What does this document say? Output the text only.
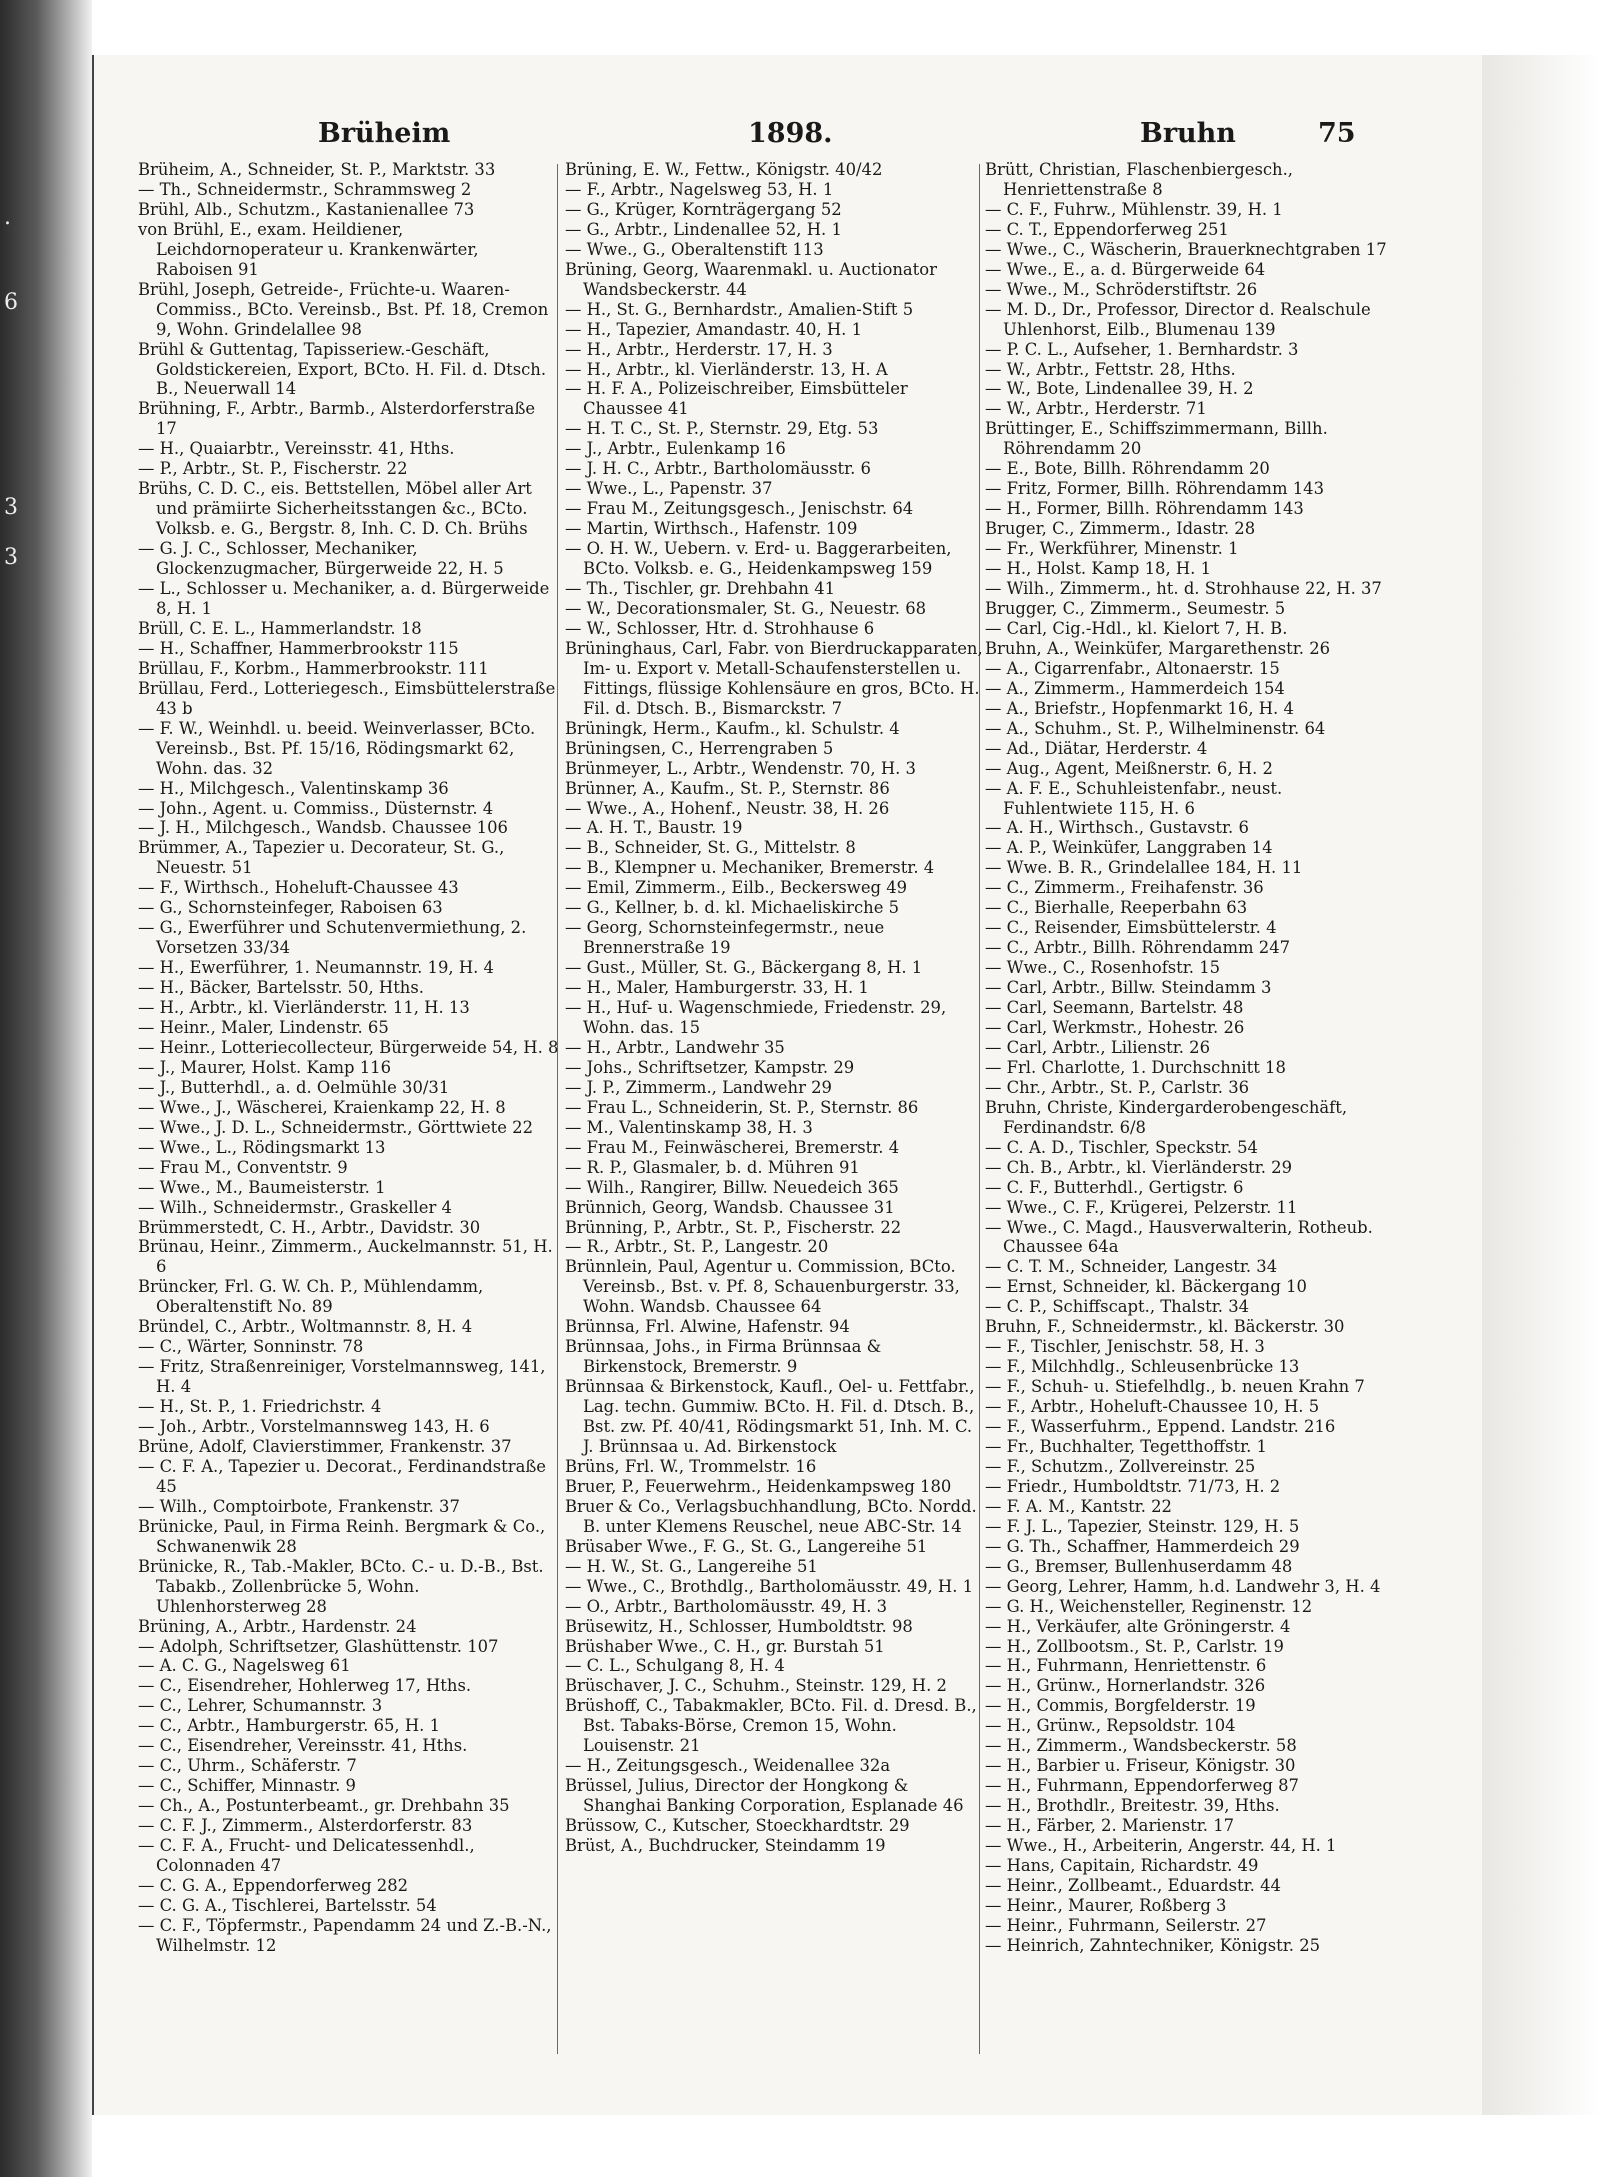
.
6
3
3
Brüheim	1898.	Bruhn	75

Brüheim, A., Schneider, St. P., Marktstr. 33

— Th., Schneidermstr., Schrammsweg 2

Brühl, Alb., Schutzm., Kastanienallee 73

von Brühl, E., exam. Heildiener, Leichdornoperateur u. Krankenwärter, Raboisen 91

Brühl, Joseph, Getreide-, Früchte-u. Waaren-Commiss., BCto. Vereinsb., Bst. Pf. 18, Cremon 9, Wohn. Grindelallee 98

Brühl & Guttentag, Tapisseriew.-Geschäft, Goldstickereien, Export, BCto. H. Fil. d. Dtsch. B., Neuerwall 14

Brühning, F., Arbtr., Barmb., Alsterdorferstraße 17

— H., Quaiarbtr., Vereinsstr. 41, Hths.

— P., Arbtr., St. P., Fischerstr. 22

Brühs, C. D. C., eis. Bettstellen, Möbel aller Art und prämiirte Sicherheitsstangen &c., BCto. Volksb. e. G., Bergstr. 8, Inh. C. D. Ch. Brühs

— G. J. C., Schlosser, Mechaniker, Glockenzugmacher, Bürgerweide 22, H. 5

— L., Schlosser u. Mechaniker, a. d. Bürgerweide 8, H. 1

Brüll, C. E. L., Hammerlandstr. 18

— H., Schaffner, Hammerbrookstr 115

Brüllau, F., Korbm., Hammerbrookstr. 111

Brüllau, Ferd., Lotteriegesch., Eimsbüttelerstraße 43 b

— F. W., Weinhdl. u. beeid. Weinverlasser, BCto. Vereinsb., Bst. Pf. 15/16, Rödingsmarkt 62, Wohn. das. 32

— H., Milchgesch., Valentinskamp 36

— John., Agent. u. Commiss., Düsternstr. 4

— J. H., Milchgesch., Wandsb. Chaussee 106

Brümmer, A., Tapezier u. Decorateur, St. G., Neuestr. 51

— F., Wirthsch., Hoheluft-Chaussee 43

— G., Schornsteinfeger, Raboisen 63

— G., Ewerführer und Schutenvermiethung, 2. Vorsetzen 33/34

— H., Ewerführer, 1. Neumannstr. 19, H. 4

— H., Bäcker, Bartelsstr. 50, Hths.

— H., Arbtr., kl. Vierländerstr. 11, H. 13

— Heinr., Maler, Lindenstr. 65

— Heinr., Lotteriecollecteur, Bürgerweide 54, H. 8

— J., Maurer, Holst. Kamp 116

— J., Butterhdl., a. d. Oelmühle 30/31

— Wwe., J., Wäscherei, Kraienkamp 22, H. 8

— Wwe., J. D. L., Schneidermstr., Görttwiete 22

— Wwe., L., Rödingsmarkt 13

— Frau M., Conventstr. 9

— Wwe., M., Baumeisterstr. 1

— Wilh., Schneidermstr., Graskeller 4

Brümmerstedt, C. H., Arbtr., Davidstr. 30

Brünau, Heinr., Zimmerm., Auckelmannstr. 51, H. 6

Brüncker, Frl. G. W. Ch. P., Mühlendamm, Oberaltenstift No. 89

Bründel, C., Arbtr., Woltmannstr. 8, H. 4

— C., Wärter, Sonninstr. 78

— Fritz, Straßenreiniger, Vorstelmannsweg, 141, H. 4

— H., St. P., 1. Friedrichstr. 4

— Joh., Arbtr., Vorstelmannsweg 143, H. 6

Brüne, Adolf, Clavierstimmer, Frankenstr. 37

— C. F. A., Tapezier u. Decorat., Ferdinandstraße 45

— Wilh., Comptoirbote, Frankenstr. 37

Brünicke, Paul, in Firma Reinh. Bergmark & Co., Schwanenwik 28

Brünicke, R., Tab.-Makler, BCto. C.- u. D.-B., Bst. Tabakb., Zollenbrücke 5, Wohn. Uhlenhorsterweg 28

Brüning, A., Arbtr., Hardenstr. 24

— Adolph, Schriftsetzer, Glashüttenstr. 107

— A. C. G., Nagelsweg 61

— C., Eisendreher, Hohlerweg 17, Hths.

— C., Lehrer, Schumannstr. 3

— C., Arbtr., Hamburgerstr. 65, H. 1

— C., Eisendreher, Vereinsstr. 41, Hths.

— C., Uhrm., Schäferstr. 7

— C., Schiffer, Minnastr. 9

— Ch., A., Postunterbeamt., gr. Drehbahn 35

— C. F. J., Zimmerm., Alsterdorferstr. 83

— C. F. A., Frucht- und Delicatessenhdl., Colonnaden 47

— C. G. A., Eppendorferweg 282

— C. G. A., Tischlerei, Bartelsstr. 54

— C. F., Töpfermstr., Papendamm 24 und Z.-B.-N., Wilhelmstr. 12

Brüning, E. W., Fettw., Königstr. 40/42

— F., Arbtr., Nagelsweg 53, H. 1

— G., Krüger, Kornträgergang 52

— G., Arbtr., Lindenallee 52, H. 1

— Wwe., G., Oberaltenstift 113

Brüning, Georg, Waarenmakl. u. Auctionator Wandsbeckerstr. 44

— H., St. G., Bernhardstr., Amalien-Stift 5

— H., Tapezier, Amandastr. 40, H. 1

— H., Arbtr., Herderstr. 17, H. 3

— H., Arbtr., kl. Vierländerstr. 13, H. A

— H. F. A., Polizeischreiber, Eimsbütteler Chaussee 41

— H. T. C., St. P., Sternstr. 29, Etg. 53

— J., Arbtr., Eulenkamp 16

— J. H. C., Arbtr., Bartholomäusstr. 6

— Wwe., L., Papenstr. 37

— Frau M., Zeitungsgesch., Jenischstr. 64

— Martin, Wirthsch., Hafenstr. 109

— O. H. W., Uebern. v. Erd- u. Baggerarbeiten, BCto. Volksb. e. G., Heidenkampsweg 159

— Th., Tischler, gr. Drehbahn 41

— W., Decorationsmaler, St. G., Neuestr. 68

— W., Schlosser, Htr. d. Strohhause 6

Brüninghaus, Carl, Fabr. von Bierdruckapparaten, Im- u. Export v. Metall-Schaufensterstellen u. Fittings, flüssige Kohlensäure en gros, BCto. H. Fil. d. Dtsch. B., Bismarckstr. 7

Brüningk, Herm., Kaufm., kl. Schulstr. 4

Brüningsen, C., Herrengraben 5

Brünmeyer, L., Arbtr., Wendenstr. 70, H. 3

Brünner, A., Kaufm., St. P., Sternstr. 86

— Wwe., A., Hohenf., Neustr. 38, H. 26

— A. H. T., Baustr. 19

— B., Schneider, St. G., Mittelstr. 8

— B., Klempner u. Mechaniker, Bremerstr. 4

— Emil, Zimmerm., Eilb., Beckersweg 49

— G., Kellner, b. d. kl. Michaeliskirche 5

— Georg, Schornsteinfegermstr., neue Brennerstraße 19

— Gust., Müller, St. G., Bäckergang 8, H. 1

— H., Maler, Hamburgerstr. 33, H. 1

— H., Huf- u. Wagenschmiede, Friedenstr. 29, Wohn. das. 15

— H., Arbtr., Landwehr 35

— Johs., Schriftsetzer, Kampstr. 29

— J. P., Zimmerm., Landwehr 29

— Frau L., Schneiderin, St. P., Sternstr. 86

— M., Valentinskamp 38, H. 3

— Frau M., Feinwäscherei, Bremerstr. 4

— R. P., Glasmaler, b. d. Mühren 91

— Wilh., Rangirer, Billw. Neuedeich 365

Brünnich, Georg, Wandsb. Chaussee 31

Brünning, P., Arbtr., St. P., Fischerstr. 22

— R., Arbtr., St. P., Langestr. 20

Brünnlein, Paul, Agentur u. Commission, BCto. Vereinsb., Bst. v. Pf. 8, Schauenburgerstr. 33, Wohn. Wandsb. Chaussee 64

Brünnsa, Frl. Alwine, Hafenstr. 94

Brünnsaa, Johs., in Firma Brünnsaa & Birkenstock, Bremerstr. 9

Brünnsaa & Birkenstock, Kaufl., Oel- u. Fettfabr., Lag. techn. Gummiw. BCto. H. Fil. d. Dtsch. B., Bst. zw. Pf. 40/41, Rödingsmarkt 51, Inh. M. C. J. Brünnsaa u. Ad. Birkenstock

Brüns, Frl. W., Trommelstr. 16

Bruer, P., Feuerwehrm., Heidenkampsweg 180

Bruer & Co., Verlagsbuchhandlung, BCto. Nordd. B. unter Klemens Reuschel, neue ABC-Str. 14

Brüsaber Wwe., F. G., St. G., Langereihe 51

— H. W., St. G., Langereihe 51

— Wwe., C., Brothdlg., Bartholomäusstr. 49, H. 1

— O., Arbtr., Bartholomäusstr. 49, H. 3

Brüsewitz, H., Schlosser, Humboldtstr. 98

Brüshaber Wwe., C. H., gr. Burstah 51

— C. L., Schulgang 8, H. 4

Brüschaver, J. C., Schuhm., Steinstr. 129, H. 2

Brüshoff, C., Tabakmakler, BCto. Fil. d. Dresd. B., Bst. Tabaks-Börse, Cremon 15, Wohn. Louisenstr. 21

— H., Zeitungsgesch., Weidenallee 32a

Brüssel, Julius, Director der Hongkong & Shanghai Banking Corporation, Esplanade 46

Brüssow, C., Kutscher, Stoeckhardtstr. 29

Brüst, A., Buchdrucker, Steindamm 19

Brütt, Christian, Flaschenbiergesch., Henriettenstraße 8

— C. F., Fuhrw., Mühlenstr. 39, H. 1

— C. T., Eppendorferweg 251

— Wwe., C., Wäscherin, Brauerknechtgraben 17

— Wwe., E., a. d. Bürgerweide 64

— Wwe., M., Schröderstiftstr. 26

— M. D., Dr., Professor, Director d. Realschule Uhlenhorst, Eilb., Blumenau 139

— P. C. L., Aufseher, 1. Bernhardstr. 3

— W., Arbtr., Fettstr. 28, Hths.

— W., Bote, Lindenallee 39, H. 2

— W., Arbtr., Herderstr. 71

Brüttinger, E., Schiffszimmermann, Billh. Röhrendamm 20

— E., Bote, Billh. Röhrendamm 20

— Fritz, Former, Billh. Röhrendamm 143

— H., Former, Billh. Röhrendamm 143

Bruger, C., Zimmerm., Idastr. 28

— Fr., Werkführer, Minenstr. 1

— H., Holst. Kamp 18, H. 1

— Wilh., Zimmerm., ht. d. Strohhause 22, H. 37

Brugger, C., Zimmerm., Seumestr. 5

— Carl, Cig.-Hdl., kl. Kielort 7, H. B.

Bruhn, A., Weinküfer, Margarethenstr. 26

— A., Cigarrenfabr., Altonaerstr. 15

— A., Zimmerm., Hammerdeich 154

— A., Briefstr., Hopfenmarkt 16, H. 4

— A., Schuhm., St. P., Wilhelminenstr. 64

— Ad., Diätar, Herderstr. 4

— Aug., Agent, Meißnerstr. 6, H. 2

— A. F. E., Schuhleistenfabr., neust. Fuhlentwiete 115, H. 6

— A. H., Wirthsch., Gustavstr. 6

— A. P., Weinküfer, Langgraben 14

— Wwe. B. R., Grindelallee 184, H. 11

— C., Zimmerm., Freihafenstr. 36

— C., Bierhalle, Reeperbahn 63

— C., Reisender, Eimsbüttelerstr. 4

— C., Arbtr., Billh. Röhrendamm 247

— Wwe., C., Rosenhofstr. 15

— Carl, Arbtr., Billw. Steindamm 3

— Carl, Seemann, Bartelstr. 48

— Carl, Werkmstr., Hohestr. 26

— Carl, Arbtr., Lilienstr. 26

— Frl. Charlotte, 1. Durchschnitt 18

— Chr., Arbtr., St. P., Carlstr. 36

Bruhn, Christe, Kindergarderobengeschäft, Ferdinandstr. 6/8

— C. A. D., Tischler, Speckstr. 54

— Ch. B., Arbtr., kl. Vierländerstr. 29

— C. F., Butterhdl., Gertigstr. 6

— Wwe., C. F., Krügerei, Pelzerstr. 11

— Wwe., C. Magd., Hausverwalterin, Rotheub. Chaussee 64a

— C. T. M., Schneider, Langestr. 34

— Ernst, Schneider, kl. Bäckergang 10

— C. P., Schiffscapt., Thalstr. 34

Bruhn, F., Schneidermstr., kl. Bäckerstr. 30

— F., Tischler, Jenischstr. 58, H. 3

— F., Milchhdlg., Schleusenbrücke 13

— F., Schuh- u. Stiefelhdlg., b. neuen Krahn 7

— F., Arbtr., Hoheluft-Chaussee 10, H. 5

— F., Wasserfuhrm., Eppend. Landstr. 216

— Fr., Buchhalter, Tegetthoffstr. 1

— F., Schutzm., Zollvereinstr. 25

— Friedr., Humboldtstr. 71/73, H. 2

— F. A. M., Kantstr. 22

— F. J. L., Tapezier, Steinstr. 129, H. 5

— G. Th., Schaffner, Hammerdeich 29

— G., Bremser, Bullenhuserdamm 48

— Georg, Lehrer, Hamm, h.d. Landwehr 3, H. 4

— G. H., Weichensteller, Reginenstr. 12

— H., Verkäufer, alte Gröningerstr. 4

— H., Zollbootsm., St. P., Carlstr. 19

— H., Fuhrmann, Henriettenstr. 6

— H., Grünw., Hornerlandstr. 326

— H., Commis, Borgfelderstr. 19

— H., Grünw., Repsoldstr. 104

— H., Zimmerm., Wandsbeckerstr. 58

— H., Barbier u. Friseur, Königstr. 30

— H., Fuhrmann, Eppendorferweg 87

— H., Brothdlr., Breitestr. 39, Hths.

— H., Färber, 2. Marienstr. 17

— Wwe., H., Arbeiterin, Angerstr. 44, H. 1

— Hans, Capitain, Richardstr. 49

— Heinr., Zollbeamt., Eduardstr. 44

— Heinr., Maurer, Roßberg 3

— Heinr., Fuhrmann, Seilerstr. 27

— Heinrich, Zahntechniker, Königstr. 25
